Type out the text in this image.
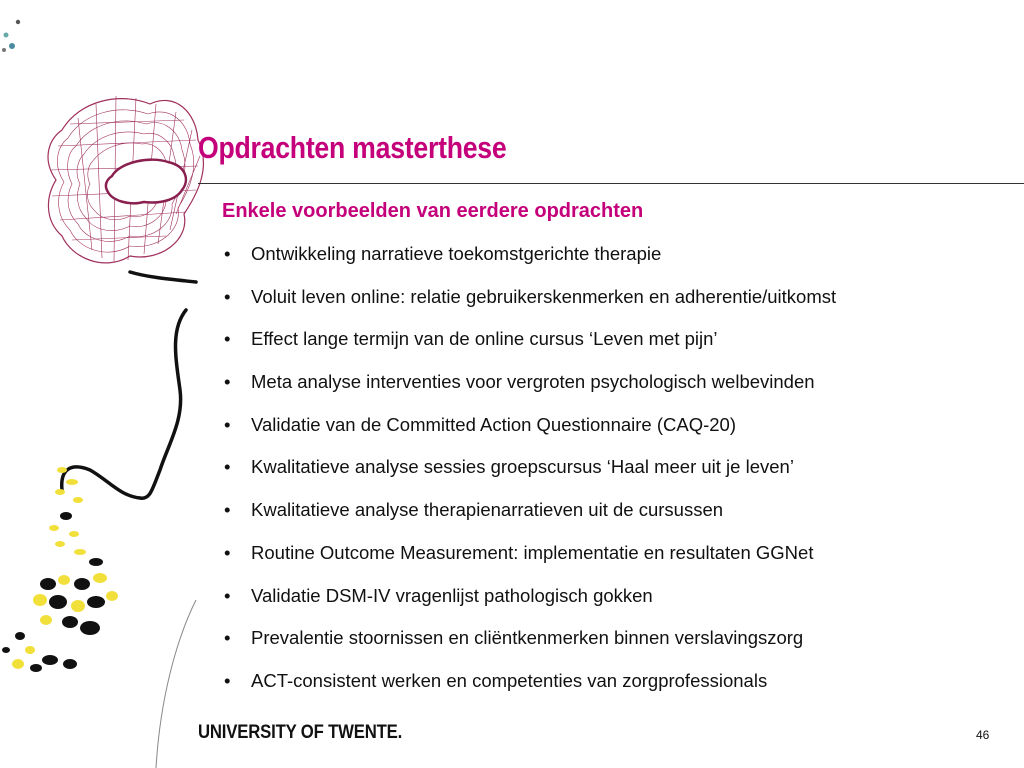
Opdrachten masterthese
Enkele voorbeelden van eerdere opdrachten
• Ontwikkeling narratieve toekomstgerichte therapie
• Voluit leven online: relatie gebruikerskenmerken en adherentie/uitkomst
• Effect lange termijn van de online cursus ‘Leven met pijn’
• Meta analyse interventies voor vergroten psychologisch welbevinden
• Validatie van de Committed Action Questionnaire (CAQ-20)
• Kwalitatieve analyse sessies groepscursus ‘Haal meer uit je leven’
• Kwalitatieve analyse therapienarratieven uit de cursussen
• Routine Outcome Measurement: implementatie en resultaten GGNet
• Validatie DSM-IV vragenlijst pathologisch gokken
• Prevalentie stoornissen en cliëntkenmerken binnen verslavingszorg
• ACT-consistent werken en competenties van zorgprofessionals
UNIVERSITY OF TWENTE.	46
